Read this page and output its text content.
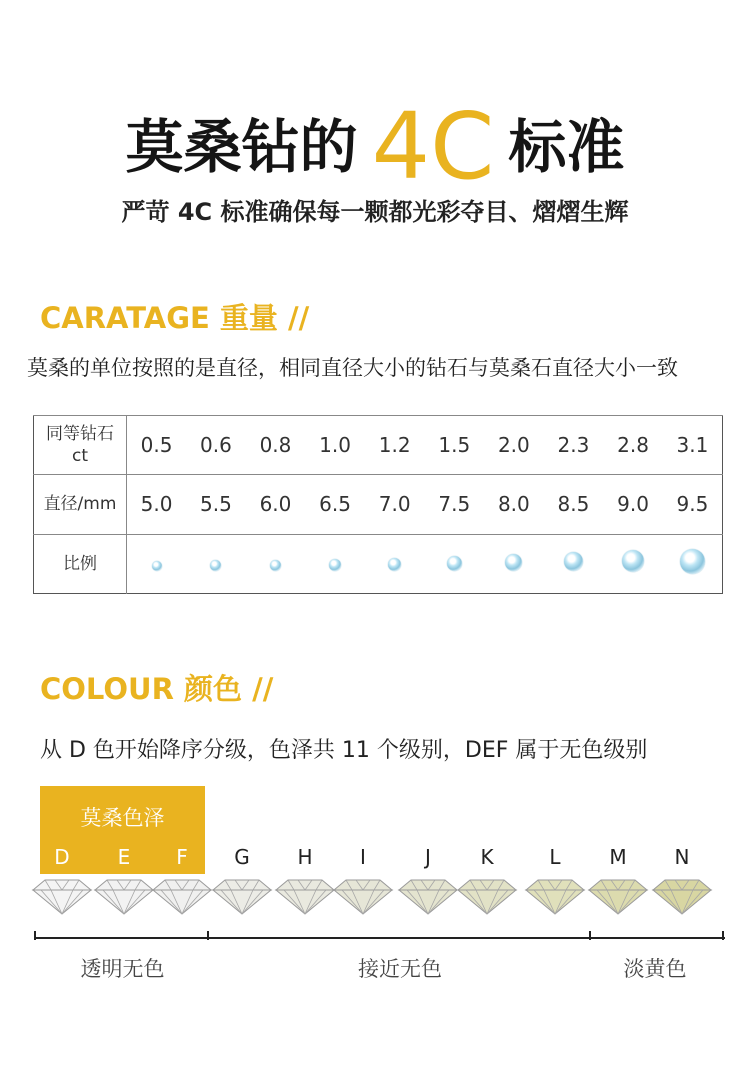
莫桑钻的 4C 标准
严苛 4C 标准确保每一颗都光彩夺目、熠熠生辉
CARATAGE 重量 //
莫桑的单位按照的是直径，相同直径大小的钻石与莫桑石直径大小一致
同等钻石
ct	0.5	0.6	0.8	1.0	1.2	1.5	2.0	2.3	2.8	3.1
直径/mm	5.0	5.5	6.0	6.5	7.0	7.5	8.0	8.5	9.0	9.5
比例										
COLOUR 颜色 //
从 D 色开始降序分级，色泽共 11 个级别，DEF 属于无色级别
莫桑色泽
D	E	F	G	H	I	J	K	L	M	N
透明无色	接近无色	淡黄色
